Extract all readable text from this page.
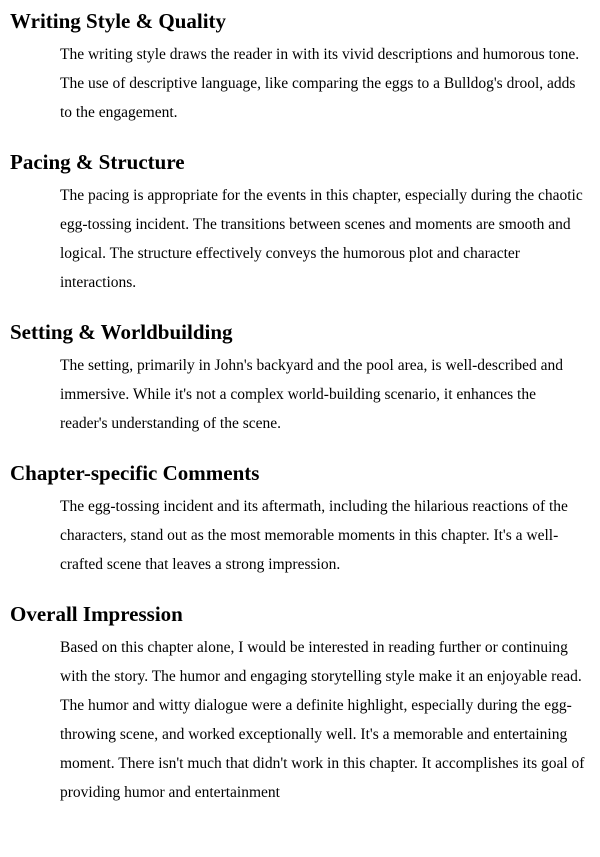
Writing Style & Quality

The writing style draws the reader in with its vivid descriptions and humorous tone. The use of descriptive language, like comparing the eggs to a Bulldog's drool, adds to the engagement.

Pacing & Structure

The pacing is appropriate for the events in this chapter, especially during the chaotic egg-tossing incident. The transitions between scenes and moments are smooth and logical. The structure effectively conveys the humorous plot and character interactions.

Setting & Worldbuilding

The setting, primarily in John's backyard and the pool area, is well-described and immersive. While it's not a complex world-building scenario, it enhances the reader's understanding of the scene.

Chapter-specific Comments

The egg-tossing incident and its aftermath, including the hilarious reactions of the characters, stand out as the most memorable moments in this chapter. It's a well-crafted scene that leaves a strong impression.

Overall Impression

Based on this chapter alone, I would be interested in reading further or continuing with the story. The humor and engaging storytelling style make it an enjoyable read. The humor and witty dialogue were a definite highlight, especially during the egg-throwing scene, and worked exceptionally well. It's a memorable and entertaining moment. There isn't much that didn't work in this chapter. It accomplishes its goal of providing humor and entertainment
